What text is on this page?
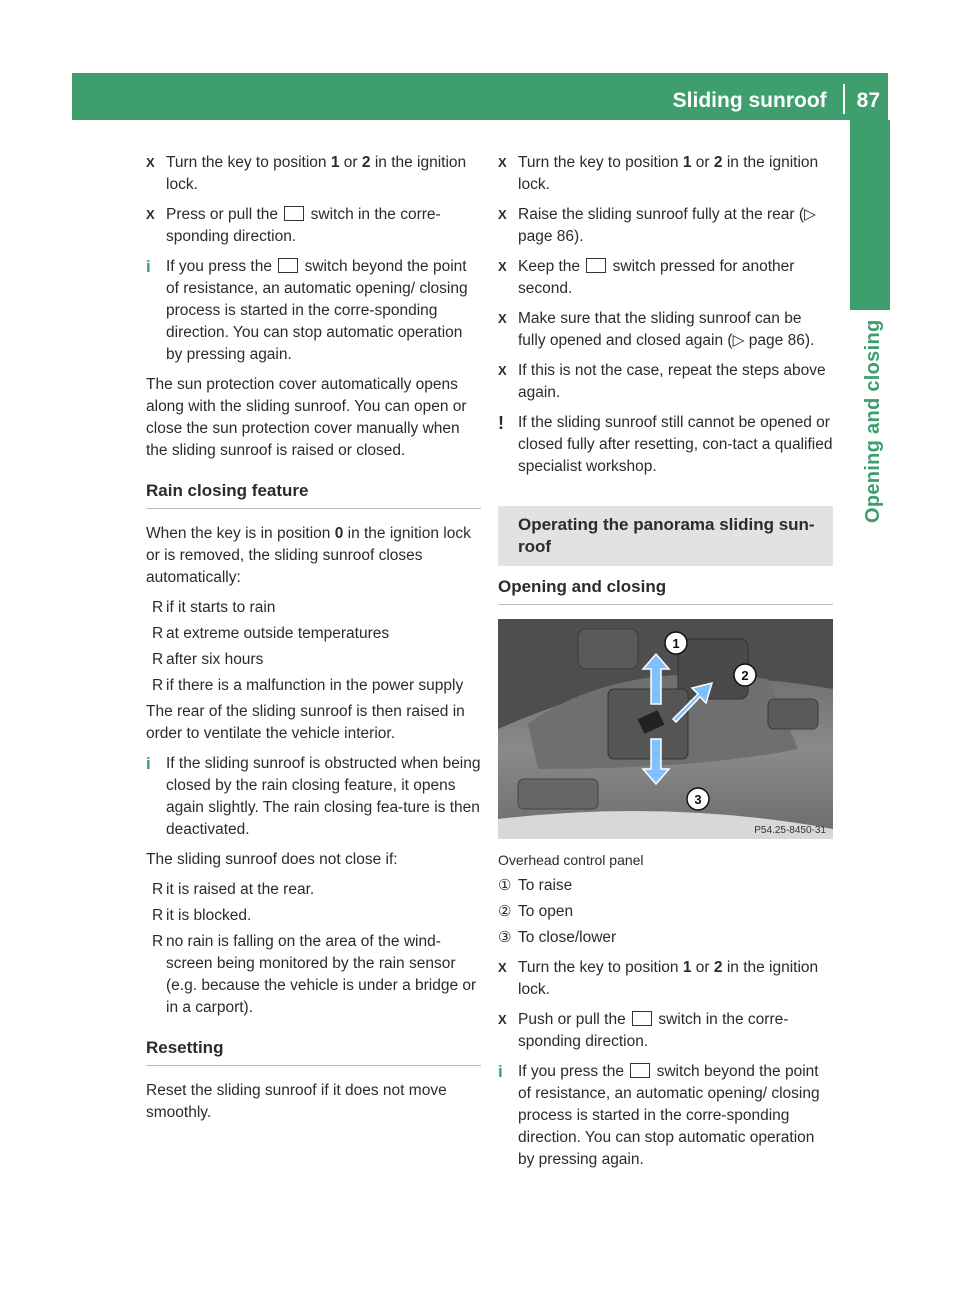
Sliding sunroof 87
Opening and closing
X Turn the key to position 1 or 2 in the ignition lock.
X Press or pull the  switch in the corre-sponding direction.
i If you press the  switch beyond the point of resistance, an automatic opening/ closing process is started in the corre-sponding direction. You can stop automatic operation by pressing again.

The sun protection cover automatically opens along with the sliding sunroof. You can open or close the sun protection cover manually when the sliding sunroof is raised or closed.

Rain closing feature

When the key is in position 0 in the ignition lock or is removed, the sliding sunroof closes automatically:

R if it starts to rain
R at extreme outside temperatures
R after six hours
R if there is a malfunction in the power supply

The rear of the sliding sunroof is then raised in order to ventilate the vehicle interior.

i If the sliding sunroof is obstructed when being closed by the rain closing feature, it opens again slightly. The rain closing fea-ture is then deactivated.

The sliding sunroof does not close if:

R it is raised at the rear.
R it is blocked.
R no rain is falling on the area of the wind-screen being monitored by the rain sensor (e.g. because the vehicle is under a bridge or in a carport).
Resetting

Reset the sliding sunroof if it does not move smoothly.

X Turn the key to position 1 or 2 in the ignition lock.
X Raise the sliding sunroof fully at the rear (▷ page 86).
X Keep the  switch pressed for another second.
X Make sure that the sliding sunroof can be fully opened and closed again (▷ page 86).
X If this is not the case, repeat the steps above again.
! If the sliding sunroof still cannot be opened or closed fully after resetting, con-tact a qualified specialist workshop.
Operating the panorama sliding sun-roof
Opening and closing
1
2
3
P54.25-8450-31

Overhead control panel

① To raise
② To open
③ To close/lower
X Turn the key to position 1 or 2 in the ignition lock.
X Push or pull the  switch in the corre-sponding direction.
i If you press the  switch beyond the point of resistance, an automatic opening/ closing process is started in the corre-sponding direction. You can stop automatic operation by pressing again.
